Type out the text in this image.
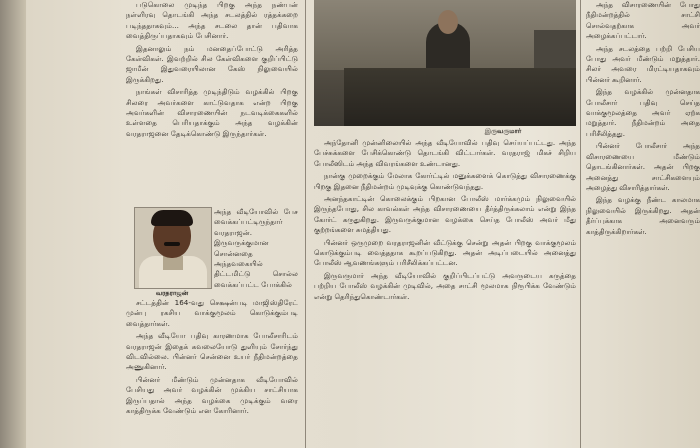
படுகொலை முடிந்த பிறகு அந்த நண்பன் நள்ளிரவு தொடங்கி அந்த சடலத்தில் ரத்தக்கறை படிந்ததாகவும்... அந்த சடலை தான் பதிவாக வைத்திருப்பதாகவும் பேசினார்.

இதனாலும் நம் மனதைப்போட்டு அரித்த கேள்விகள். இவற்றில் சில கேள்விகளை குறிப்பிட்டு ஜாமீன் இதுவரையிலான கேஸ் நிலுவையில் இருக்கிறது.

நாங்கள் விசாரித்த முடிந்திடும் வழக்கில் பிறகு சிலரை அவர்களை காட்டுவதாக என்ற பிறகு அவர்களின் விசாரணையின் நடவடிக்கைகளில் உள்ளதை பெரியதாக்கும் அந்த வழக்கின் வரதராஜனை தேடிக்கொண்டு இருந்தார்கள்.

வரதராஜன்
அந்த வீடியோவில் பேச வைக்கப்பட்டிருந்தார் வரதராஜன். இருவருக்குமான சொன்னதை அந்தவகையில் திட்டமிட்டு சொல்ல வைக்கப்பட்ட போக்கில்

சட்டத்தின் 164-வது செக்ஷன்படி மாஜிஸ்திரேட் முன்பு ரகசிய வாக்குமூலம் கொடுக்கும்படி வைத்தார்கள்.

அந்த வீடியோ பதிவு காரணமாக போலீசாரிடம் வரதராஜன் இதைக் கவலையோடு துளியும் சோர்ந்து விடவில்லை. பின்னர் சென்னை உயர் நீதிமன்றத்தை அணுகினார்.

பின்னர் மீண்டும் முன்னதாக வீடியோவில் பேசியது அவர் வழக்கின் முக்கிய சாட்சியாக இருப்பதால் அந்த வழக்கை முடிக்கும் வரை காத்திருக்க வேண்டும் என கோரினார்.

இருவருமார்

அந்தோனி முன்னிலையில் அந்த வீடியோவில் பதிவு செய்யப்பட்டது. அந்த பேச்சுக்களை பேசிக்கொண்டு தொடங்கி விட்டார்கள். வரதராஜ் மிகச் சிறிய போலீஸிடம் அந்த விவரங்களை உண்டானது.

நான்கு முறைக்கும் மேலாக கோர்ட்டில் மனுக்களைக் கொடுத்து விசாரணைக்கு பிறகு இதனை நீதிமன்றம் முடிவுக்கு கொண்டுவந்தது.

அனந்தகாட்டின் கொலைக்கும் பிறகான போலீஸ் மார்க்கமும் நிலுவையில் இருந்தபோது, சில காவல்கள் அந்த விசாரணையை தீர்த்திருக்கலாம் என்று இந்த கோர்ட் கருதுகிறது. இருவருக்குமான வழக்கை செய்த போலீஸ் அவர் மீது குற்றங்களை சுமத்தியது.

பின்னர் ஒருமுறை வரதராஜனின் வீட்டுக்கு சென்று அதன் பிறகு வாக்குமூலம் கொடுக்கும்படி வைத்ததாக கூறப்படுகிறது. அதன் அடிப்படையில் அனைத்து போலீஸ் ஆவணங்களும் பரிசீலிக்கப்பட்டன.

இருவருமார் அந்த வீடியோவில் குறிப்பிடப்பட்டு அவருடைய கருத்தை பற்றிய போலீஸ் வழக்கின் முடிவில், அதை சாட்சி மூலமாக நிரூபிக்க வேண்டும் என்று தெரிந்துகொண்டார்கள்.

அந்த விசாரணையின் போது நீதிமன்றத்தில் சாட்சி சொல்வதற்காக அவர் அழைக்கப்பட்டார்.

அந்த சடலத்தை பற்றி பேசிய போது அவர் மீண்டும் மறுத்தார். சிலர் அவரை மிரட்டியதாகவும் பின்னர் கூறினார்.

இந்த வழக்கில் முன்னதாக போலீசார் பதிவு செய்த வாக்குமூலத்தை அவர் ஏற்க மறுத்தார். நீதிமன்றம் அதை பரிசீலித்தது.

பின்னர் போலீசார் அந்த விசாரணையை மீண்டும் தொடங்கினார்கள். அதன் பிறகு அனைத்து சாட்சிகளையும் அழைத்து விசாரித்தார்கள்.

இந்த வழக்கு நீண்ட காலமாக நிலுவையில் இருக்கிறது. அதன் தீர்ப்புக்காக அனைவரும் காத்திருக்கிறார்கள்.
